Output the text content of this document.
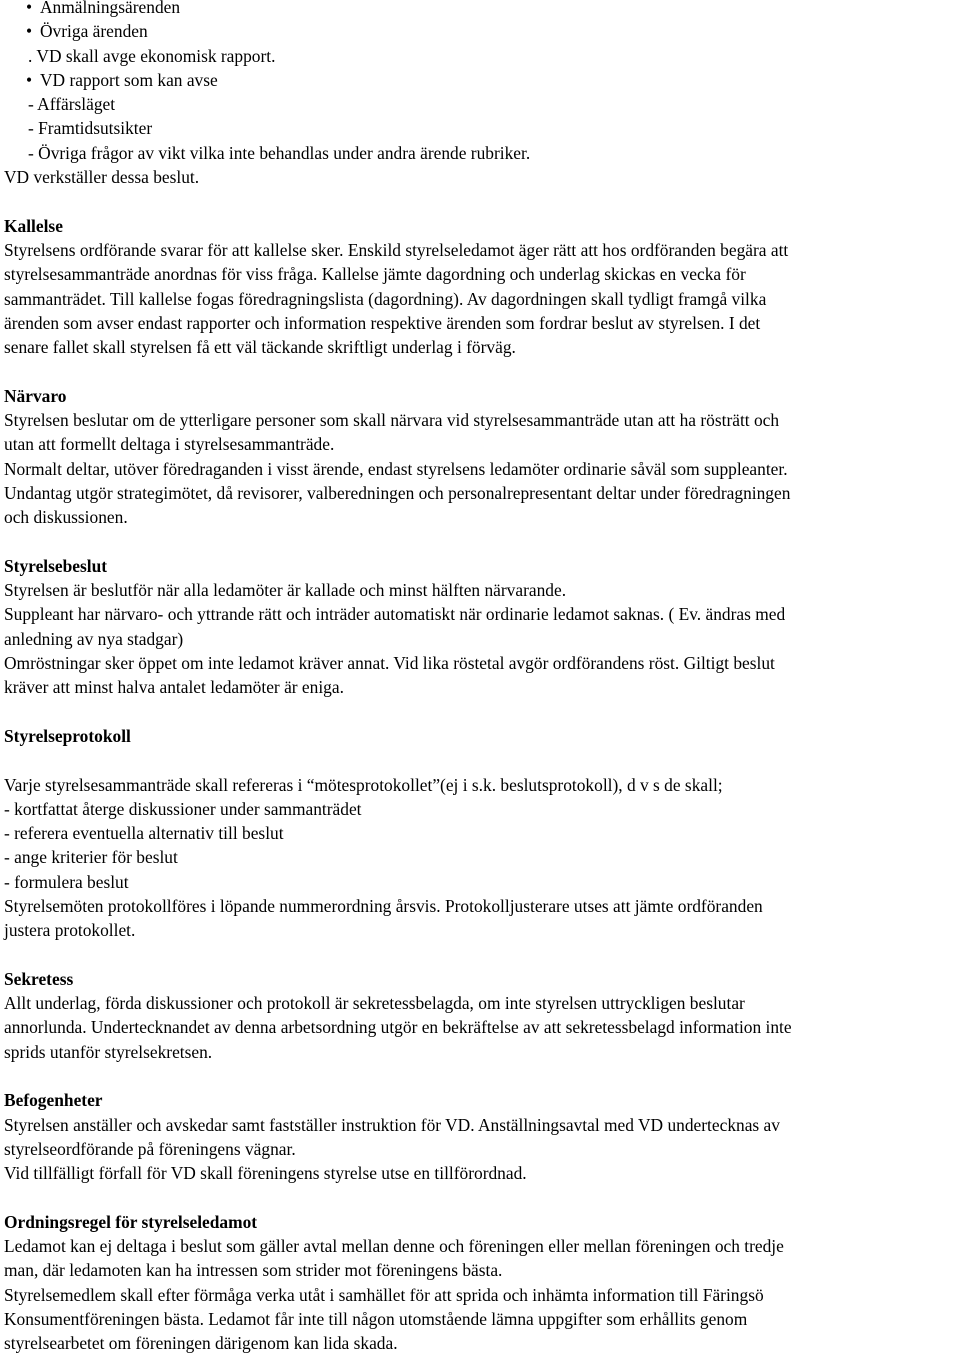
• Anmälningsärenden
• Övriga ärenden
. VD skall avge ekonomisk rapport.
• VD rapport som kan avse
- Affärsläget
- Framtidsutsikter
- Övriga frågor av vikt vilka inte behandlas under andra ärende rubriker.
VD verkställer dessa beslut.
Kallelse
Styrelsens ordförande svarar för att kallelse sker. Enskild styrelseledamot äger rätt att hos ordföranden begära att
styrelsesammanträde anordnas för viss fråga. Kallelse jämte dagordning och underlag skickas en vecka för
sammanträdet. Till kallelse fogas föredragningslista (dagordning). Av dagordningen skall tydligt framgå vilka
ärenden som avser endast rapporter och information respektive ärenden som fordrar beslut av styrelsen. I det
senare fallet skall styrelsen få ett väl täckande skriftligt underlag i förväg.
Närvaro
Styrelsen beslutar om de ytterligare personer som skall närvara vid styrelsesammanträde utan att ha rösträtt och
utan att formellt deltaga i styrelsesammanträde.
Normalt deltar, utöver föredraganden i visst ärende, endast styrelsens ledamöter ordinarie såväl som suppleanter.
Undantag utgör strategimötet, då revisorer, valberedningen och personalrepresentant deltar under föredragningen
och diskussionen.
Styrelsebeslut
Styrelsen är beslutför när alla ledamöter är kallade och minst hälften närvarande.
Suppleant har närvaro- och yttrande rätt och inträder automatiskt när ordinarie ledamot saknas. ( Ev. ändras med
anledning av nya stadgar)
Omröstningar sker öppet om inte ledamot kräver annat. Vid lika röstetal avgör ordförandens röst. Giltigt beslut
kräver att minst halva antalet ledamöter är eniga.
Styrelseprotokoll
Varje styrelsesammanträde skall refereras i “mötesprotokollet”(ej i s.k. beslutsprotokoll), d v s de skall;
- kortfattat återge diskussioner under sammanträdet
- referera eventuella alternativ till beslut
- ange kriterier för beslut
- formulera beslut
Styrelsemöten protokollföres i löpande nummerordning årsvis. Protokolljusterare utses att jämte ordföranden
justera protokollet.
Sekretess
Allt underlag, förda diskussioner och protokoll är sekretessbelagda, om inte styrelsen uttryckligen beslutar
annorlunda. Undertecknandet av denna arbetsordning utgör en bekräftelse av att sekretessbelagd information inte
sprids utanför styrelsekretsen.
Befogenheter
Styrelsen anställer och avskedar samt fastställer instruktion för VD. Anställningsavtal med VD undertecknas av
styrelseordförande på föreningens vägnar.
Vid tillfälligt förfall för VD skall föreningens styrelse utse en tillförordnad.
Ordningsregel för styrelseledamot
Ledamot kan ej deltaga i beslut som gäller avtal mellan denne och föreningen eller mellan föreningen och tredje
man, där ledamoten kan ha intressen som strider mot föreningens bästa.
Styrelsemedlem skall efter förmåga verka utåt i samhället för att sprida och inhämta information till Färingsö
Konsumentföreningen bästa. Ledamot får inte till någon utomstående lämna uppgifter som erhållits genom
styrelsearbetet om föreningen därigenom kan lida skada.
